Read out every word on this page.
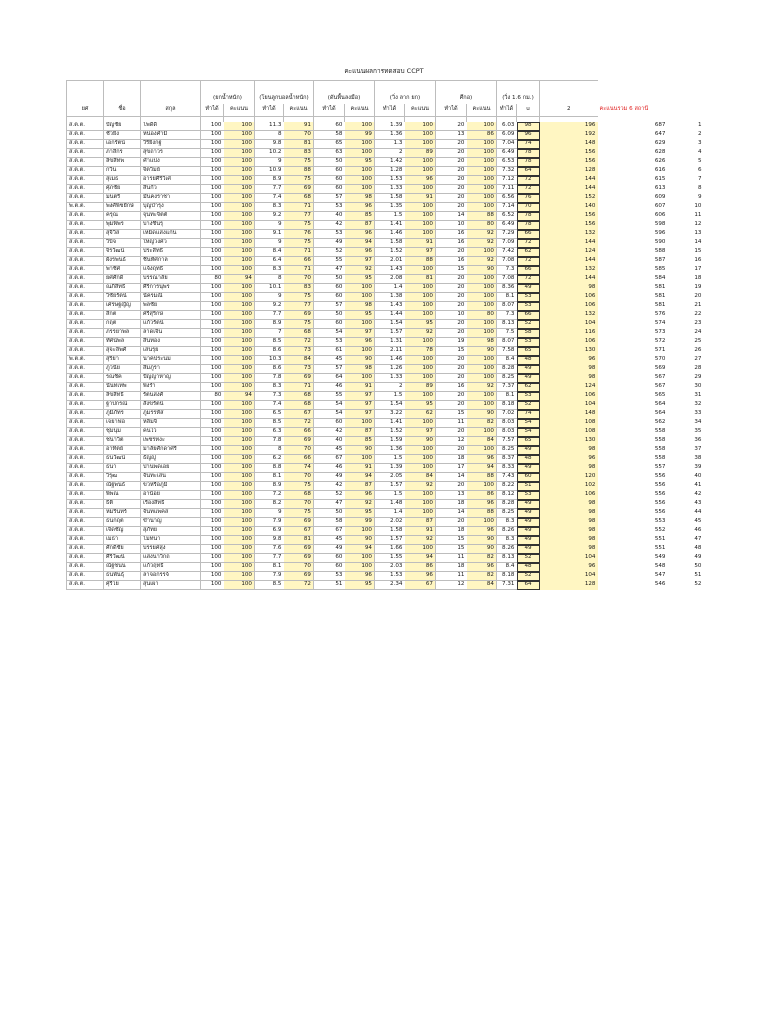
คะแนนผลการทดสอบ CCPT

			(ยกน้ำหนัก)		(โยนลูกบอลน้ำหนัก)		(ดันพื้นลงมือ)		(วิ่ง ลาก ยก)		ศึกอ)		(วิ่ง 1.6 กม.)				
ยศ	ชื่อ	สกุล	ทำได้	คะแนน	ทำได้	คะแนน	ทำได้	คะแนน	ทำได้	คะแนน	ทำได้	คะแนน	ทำได้	u	2	คะแนนรวม 6 สถานี	

ส.ต.ต.	บัญชัย	โพดีดี	100	100	11.3	91	60	100	1.39	100	20	100	6.03	98	196	687	1
ส.ต.ต.	ชัวยิง	หน่องคำมี	100	100	8	70	58	99	1.36	100	13	86	6.09	96	192	647	2
ส.ต.ต.	เอกรัตน์	วีรียิงกฐ	100	100	9.8	81	65	100	1.3	100	20	100	7.04	74	148	629	3
ส.ต.ต.	ภาสิกร	สุขถาวร	100	100	10.2	83	63	100	2	89	20	100	6.49	78	156	628	4
ส.ต.ต.	ลิขสิทพ	คำแปง	100	100	9	75	50	95	1.42	100	20	100	6.53	78	156	626	5
ส.ต.ต.	กวิน	จิตวิมย์	100	100	10.9	88	60	100	1.28	100	20	100	7.32	64	128	616	6
ส.ต.ต.	สุเมธ	อารยศิริวิเศ	100	100	8.9	75	60	100	1.53	96	20	100	7.12	72	144	615	7
ส.ต.ต.	ศุภชัย	สิ้นกัว	100	100	7.7	69	60	100	1.33	100	20	100	7.11	72	144	613	8
ส.ต.ต.	มนตรี	มั่นคงราชา	100	100	7.4	68	57	98	1.58	91	20	100	6.56	76	152	609	9
พ.ต.ต.	พงศ์พิชยักษ์	บุญบำรุง	100	100	8.3	71	53	96	1.35	100	20	100	7.14	70	140	607	10
ส.ต.ต.	ครุณ	จุนทะจิตต์	100	100	9.2	77	40	85	1.5	100	14	88	6.52	78	156	606	11
ส.ต.ต.	พุมพิพร	บางชื่นรุ	100	100	9	75	42	87	1.41	100	10	80	6.49	78	156	598	12
ส.ต.ต.	สุจิวิส	เหม็ดแสงแก่น	100	100	9.1	76	53	96	1.46	100	16	92	7.29	66	132	596	13
ส.ต.ต.	วิบิจ	ใหญ่วงศว	100	100	9	75	49	94	1.58	91	16	92	7.09	72	144	590	14
ส.ต.ต.	จิรวัฒน์	ประสิทธิ์	100	100	8.4	71	52	96	1.52	97	20	100	7.42	62	124	588	15
ส.ต.ต.	ผังรพนธ์	ชื่นทัศกาล	100	100	6.4	66	55	97	2.01	88	16	92	7.08	72	144	587	16
ส.ต.ต.	พาชิศ	แจ้งฤทธิ์	100	100	8.3	71	47	92	1.43	100	15	90	7.3	66	132	585	17
ส.ต.ต.	ยศศักดิ์	บรรณาลัย	80	94	8	70	50	95	2.08	81	20	100	7.08	72	144	584	18
ส.ต.ต.	ณภิสิทธิ์	ศิริการนุพร	100	100	10.1	83	60	100	1.4	100	20	100	8.36	49	98	581	19
ส.ต.ต.	วิชัยรัตน์	นัครมณี	100	100	9	75	60	100	1.38	100	20	100	8.1	53	106	581	20
ส.ต.ต.	เศรษฐญัญ	พลชัย	100	100	9.2	77	57	98	1.43	100	20	100	8.07	53	106	581	21
ส.ต.ต.	สิกต	ศรีสุริกษ์	100	100	7.7	69	50	95	1.44	100	10	80	7.3	66	132	576	22
ส.ต.ต.	กฤต	แก้วรัตน์	100	100	8.9	75	60	100	1.54	95	20	100	8.13	52	104	574	23
ส.ต.ต.	ภรรยาพล	ลาดเจิน	100	100	7	68	54	97	1.57	92	20	100	7.5	58	116	573	24
ส.ต.ต.	ทัศน์พล	สินทอง	100	100	8.5	72	53	96	1.31	100	19	98	8.07	53	106	572	25
ส.ต.ต.	สุจะลิพศ์	เสนรุย	100	100	8.6	73	61	100	2.11	78	15	90	7.58	65	130	571	26
พ.ต.ต.	สุริยา	นาคประนม	100	100	10.3	84	45	90	1.46	100	20	100	8.4	48	96	570	27
ส.ต.ต.	ภูวนัย	สิมภูรา	100	100	8.6	73	57	98	1.26	100	20	100	8.28	49	98	569	28
ส.ต.ต.	รณชีค	ปัญญาหาญ	100	100	7.8	69	64	100	1.33	100	20	100	8.25	49	98	567	29
ส.ต.ต.	นันทเทพ	พึงรำ	100	100	8.3	71	46	91	2	89	16	92	7.37	62	124	567	30
ส.ต.ต.	ลิขสิทธิ์	รัตนสงศ์	80	94	7.3	68	55	97	1.5	100	20	100	8.1	53	106	565	31
ส.ต.ต.	ฐาปกรณ์	สังขรัตน์	100	100	7.4	68	54	97	1.54	95	20	100	8.18	52	104	564	32
ส.ต.ต.	ภูมิภัทร	ภูมรรหัส	100	100	6.5	67	54	97	3.22	62	15	90	7.02	74	148	564	33
ส.ต.ต.	เจยาฟอ	หลิมจิ	100	100	8.5	72	60	100	1.41	100	11	82	8.03	54	108	562	34
ส.ต.ต.	ชุมนุม	คนไว	100	100	6.3	66	42	87	1.52	97	20	100	8.03	54	108	558	35
ส.ต.ต.	ชนาวิต	เพชรทงะ	100	100	7.8	69	40	85	1.59	90	12	84	7.57	65	130	558	36
ส.ต.ต.	อาทิตย์	มาลัยศักดาศรี	100	100	8	70	45	90	1.36	100	20	100	8.25	49	98	558	37
ส.ต.ต.	ธนวัฒน์	ธัญญู่	100	100	6.2	66	67	100	1.5	100	18	96	8.37	48	96	558	38
ส.ต.ต.	ธนา	ปานพดเอย	100	100	8.8	74	46	91	1.39	100	17	94	8.33	49	98	557	39
ส.ต.ต.	วิรุฒ	จันทะเสน	100	100	8.1	70	49	94	2.05	84	14	88	7.43	60	120	556	40
ส.ต.ต.	ณัฐพนธ์	ขวหรือภูมิ	100	100	8.9	75	42	87	1.57	92	20	100	8.22	51	102	556	41
ส.ต.ต.	พิพณ	อาน้อย	100	100	7.2	68	52	96	1.5	100	13	86	8.12	53	106	556	42
ส.ต.ต.	ธิติ	เรืองสิทธิ์	100	100	8.2	70	47	92	1.48	100	18	96	8.28	49	98	556	43
ส.ต.ต.	หมรินทร์	จันทแพคส	100	100	9	75	50	95	1.4	100	14	88	8.25	49	98	556	44
ส.ต.ต.	ธนกฤต	ข้ำนาญ	100	100	7.9	69	58	99	2.02	87	20	100	8.3	49	98	553	45
ส.ต.ต.	เจิดชัญ	สุภัทย	100	100	6.9	67	67	100	1.58	91	18	96	8.26	49	98	552	46
ส.ต.ต.	เมธา	โมทนา	100	100	9.8	81	45	90	1.57	92	15	90	8.3	49	98	551	47
ส.ต.ต.	ศักดิ์ชัย	บรรยศสุง	100	100	7.6	69	49	94	1.66	100	15	90	8.26	49	98	551	48
ส.ต.ต.	ศิริวัฒน์	แสงนาวิกถ	100	100	7.7	69	60	100	1.55	94	11	82	8.13	52	104	549	49
ส.ต.ต.	ณัฐชนน	แก้วฤทธิ์	100	100	8.1	70	60	100	2.03	86	18	96	8.4	48	96	548	50
ส.ต.ต.	ธนพันธุ์	ลาจอกรรจ์	100	100	7.9	69	53	96	1.53	96	11	82	8.18	52	104	547	51
ส.ต.ต.	ศุรีโย	สุนเผา	100	100	8.5	72	51	95	2.34	67	12	84	7.31	64	128	546	52
